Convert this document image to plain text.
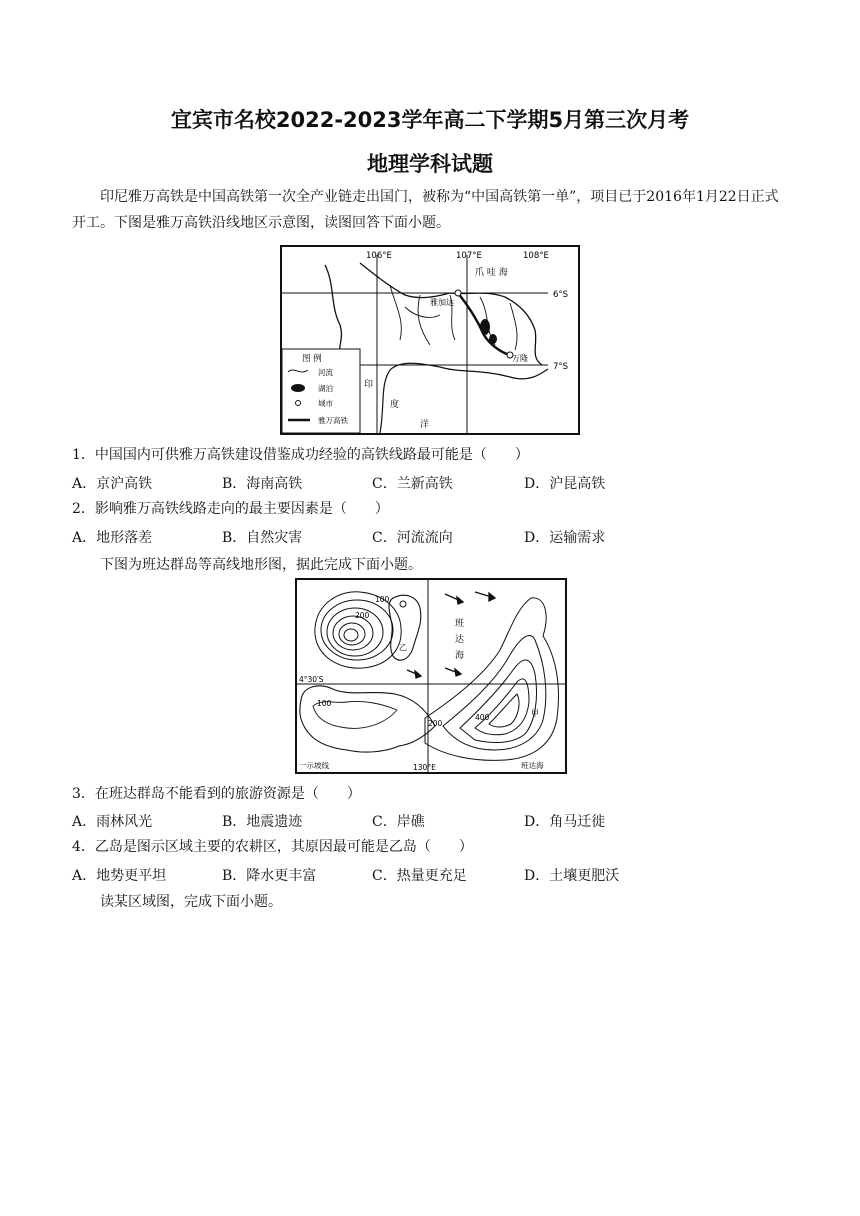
宜宾市名校2022-2023学年高二下学期5月第三次月考
地理学科试题
印尼雅万高铁是中国高铁第一次全产业链走出国门，被称为“中国高铁第一单”，项目已于2016年1月22日正式开工。下图是雅万高铁沿线地区示意图，读图回答下面小题。
106°E	107°E	108°E
6°S
7°S
爪 哇 海
雅加达
万隆
印
度
洋
图 例
河流
湖泊
城市
雅万高铁
1．中国国内可供雅万高铁建设借鉴成功经验的高铁线路最可能是（　　）
A．京沪高铁	B．海南高铁	C．兰新高铁	D．沪昆高铁
2．影响雅万高铁线路走向的最主要因素是（　　）
A．地形落差	B．自然灾害	C．河流流向	D．运输需求
下图为班达群岛等高线地形图，据此完成下面小题。
100
200
100
200
400
乙
甲
班
达
海
4°30′S
130°E
一示坡线	班达海
3．在班达群岛不能看到的旅游资源是（　　）
A．雨林风光	B．地震遗迹	C．岸礁	D．角马迁徙
4．乙岛是图示区域主要的农耕区，其原因最可能是乙岛（　　）
A．地势更平坦	B．降水更丰富	C．热量更充足	D．土壤更肥沃
读某区域图，完成下面小题。
